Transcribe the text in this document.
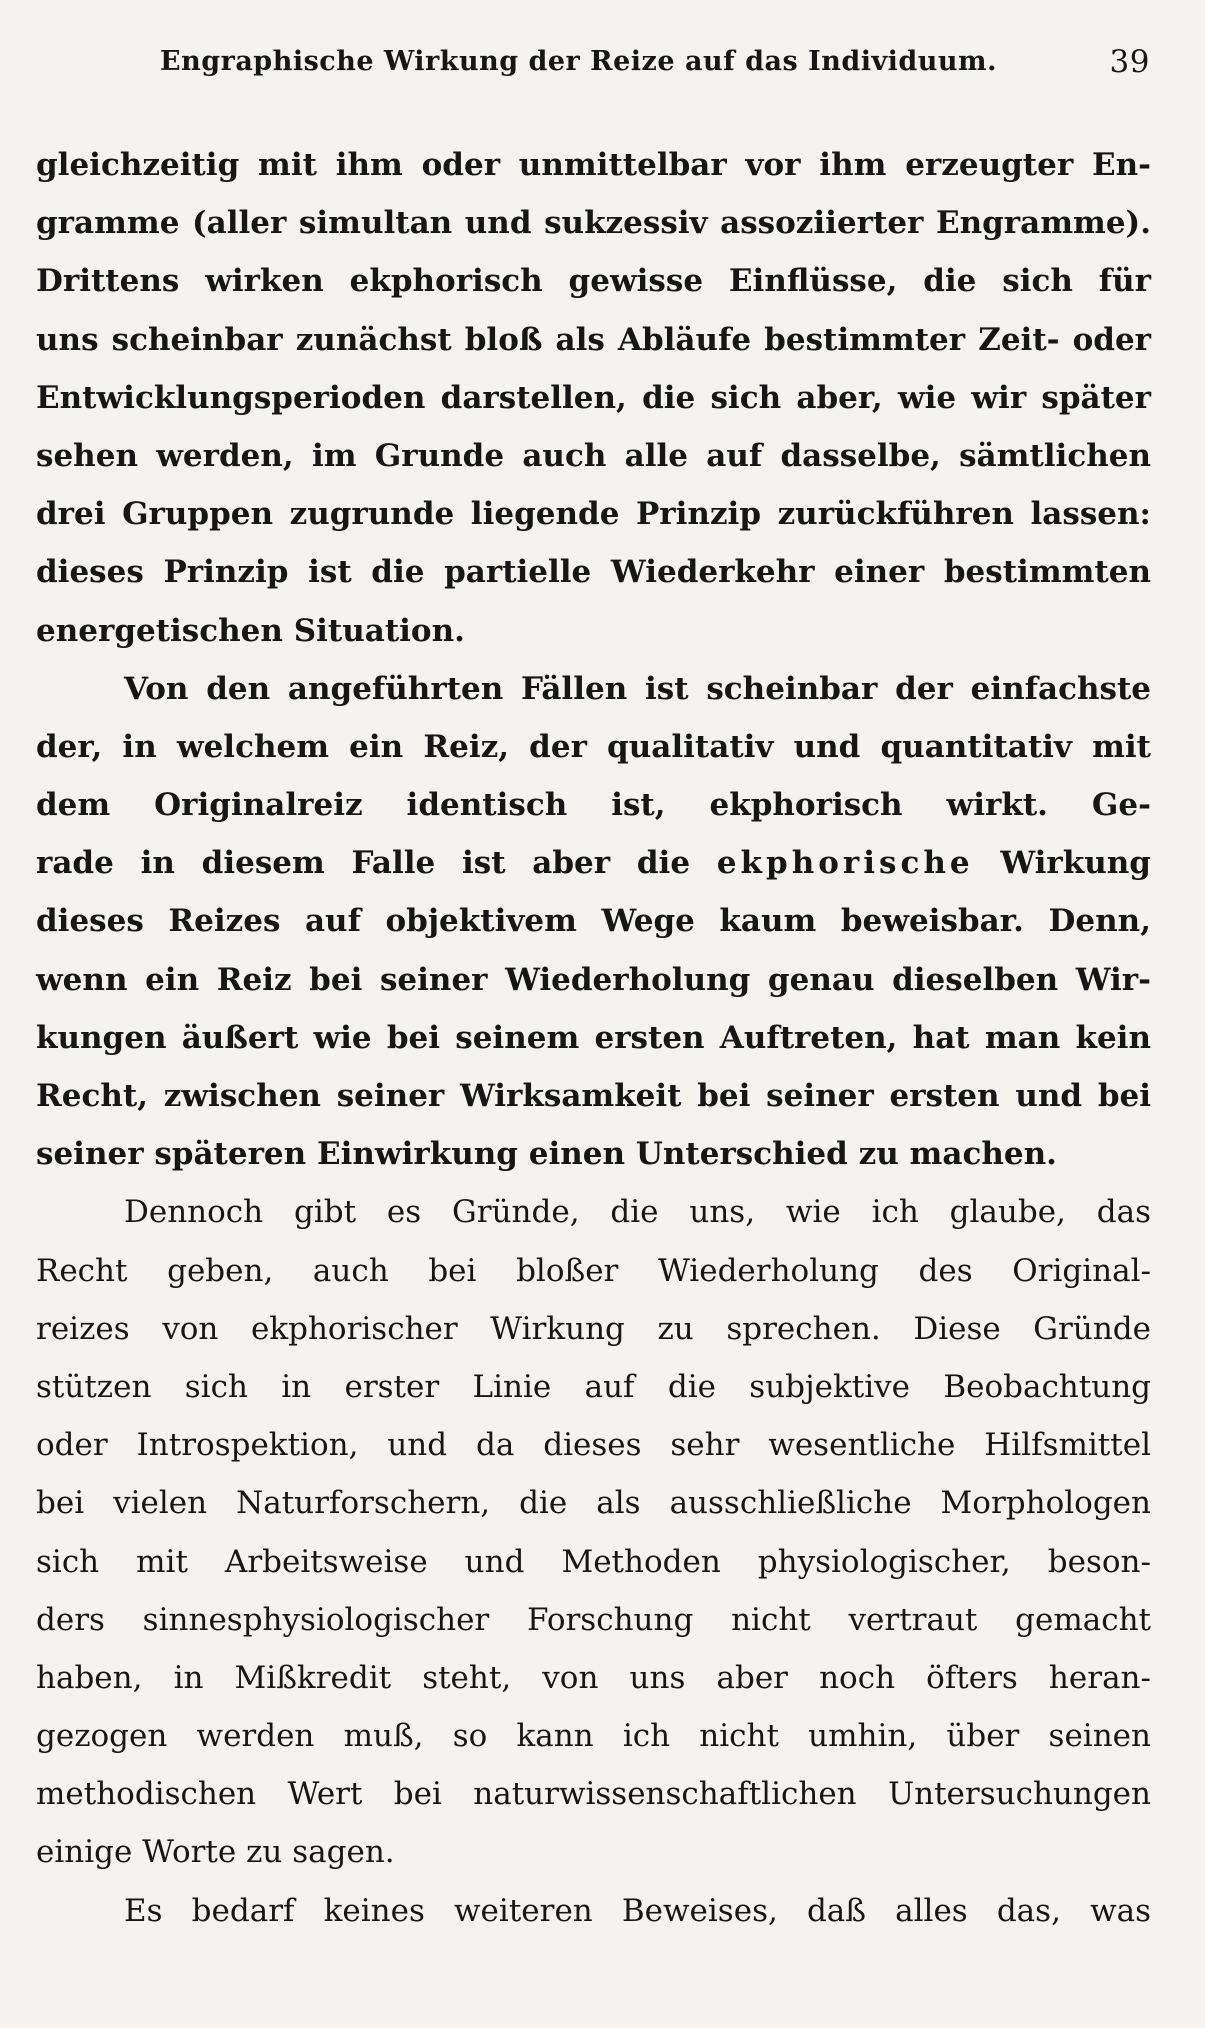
Engraphische Wirkung der Reize auf das Individuum.	39
gleichzeitig mit ihm oder unmittelbar vor ihm erzeugter En-
gramme (aller simultan und sukzessiv assoziierter Engramme).
Drittens wirken ekphorisch gewisse Einflüsse, die sich für
uns scheinbar zunächst bloß als Abläufe bestimmter Zeit- oder
Entwicklungsperioden darstellen, die sich aber, wie wir später
sehen werden, im Grunde auch alle auf dasselbe, sämtlichen
drei Gruppen zugrunde liegende Prinzip zurückführen lassen:
dieses Prinzip ist die partielle Wiederkehr einer bestimmten
energetischen Situation.
Von den angeführten Fällen ist scheinbar der einfachste
der, in welchem ein Reiz, der qualitativ und quantitativ mit
dem Originalreiz identisch ist, ekphorisch wirkt. Ge-
rade in diesem Falle ist aber die ekphorische Wirkung
dieses Reizes auf objektivem Wege kaum beweisbar. Denn,
wenn ein Reiz bei seiner Wiederholung genau dieselben Wir-
kungen äußert wie bei seinem ersten Auftreten, hat man kein
Recht, zwischen seiner Wirksamkeit bei seiner ersten und bei
seiner späteren Einwirkung einen Unterschied zu machen.
Dennoch gibt es Gründe, die uns, wie ich glaube, das
Recht geben, auch bei bloßer Wiederholung des Original-
reizes von ekphorischer Wirkung zu sprechen. Diese Gründe
stützen sich in erster Linie auf die subjektive Beobachtung
oder Introspektion, und da dieses sehr wesentliche Hilfsmittel
bei vielen Naturforschern, die als ausschließliche Morphologen
sich mit Arbeitsweise und Methoden physiologischer, beson-
ders sinnesphysiologischer Forschung nicht vertraut gemacht
haben, in Mißkredit steht, von uns aber noch öfters heran-
gezogen werden muß, so kann ich nicht umhin, über seinen
methodischen Wert bei naturwissenschaftlichen Untersuchungen
einige Worte zu sagen.
Es bedarf keines weiteren Beweises, daß alles das, was
